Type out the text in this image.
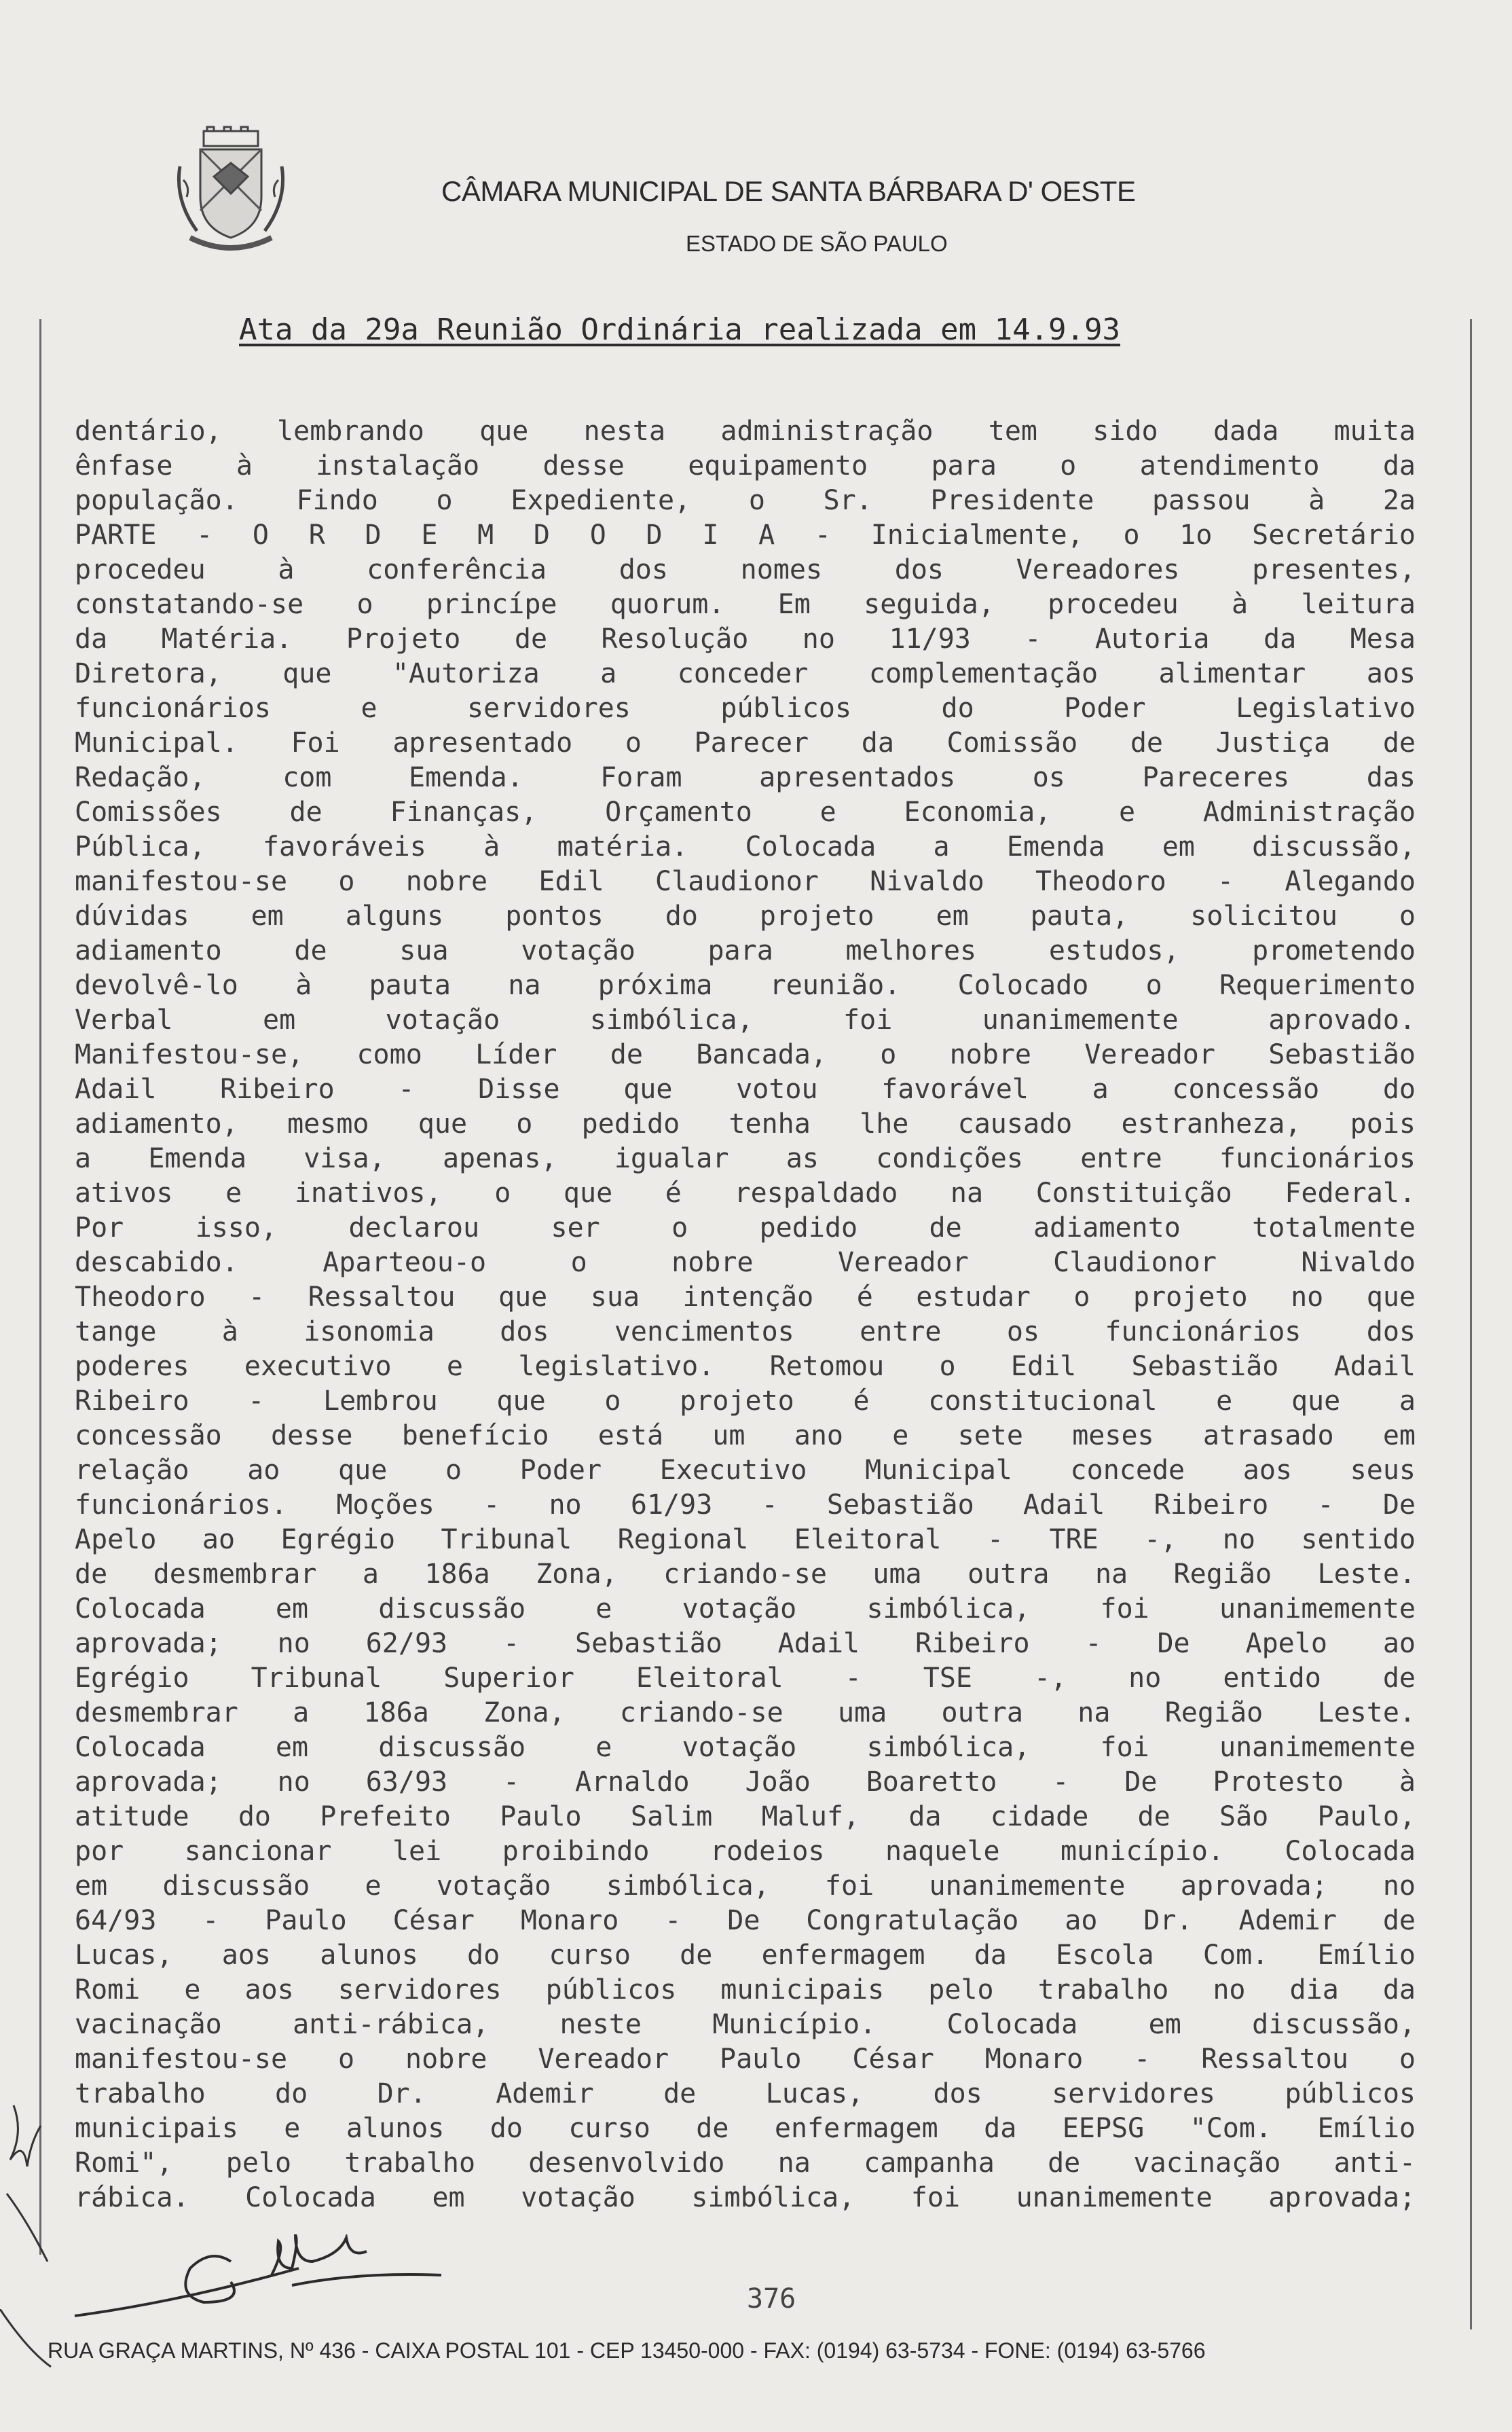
CÂMARA MUNICIPAL DE SANTA BÁRBARA D' OESTE
ESTADO DE SÃO PAULO
Ata da 29a Reunião Ordinária realizada em 14.9.93

dentário, lembrando que nesta administração tem sido dada muita

ênfase à instalação desse equipamento para o atendimento da

população. Findo o Expediente, o Sr. Presidente passou à 2a

PARTE - O R D E M D O D I A - Inicialmente, o 1o Secretário

procedeu à conferência dos nomes dos Vereadores presentes,

constatando-se o princípe quorum. Em seguida, procedeu à leitura

da Matéria. Projeto de Resolução no 11/93 - Autoria da Mesa

Diretora, que "Autoriza a conceder complementação alimentar aos

funcionários e servidores públicos do Poder Legislativo

Municipal. Foi apresentado o Parecer da Comissão de Justiça de

Redação, com Emenda. Foram apresentados os Pareceres das

Comissões de Finanças, Orçamento e Economia, e Administração

Pública, favoráveis à matéria. Colocada a Emenda em discussão,

manifestou-se o nobre Edil Claudionor Nivaldo Theodoro - Alegando

dúvidas em alguns pontos do projeto em pauta, solicitou o

adiamento de sua votação para melhores estudos, prometendo

devolvê-lo à pauta na próxima reunião. Colocado o Requerimento

Verbal em votação simbólica, foi unanimemente aprovado.

Manifestou-se, como Líder de Bancada, o nobre Vereador Sebastião

Adail Ribeiro - Disse que votou favorável a concessão do

adiamento, mesmo que o pedido tenha lhe causado estranheza, pois

a Emenda visa, apenas, igualar as condições entre funcionários

ativos e inativos, o que é respaldado na Constituição Federal.

Por isso, declarou ser o pedido de adiamento totalmente

descabido. Aparteou-o o nobre Vereador Claudionor Nivaldo

Theodoro - Ressaltou que sua intenção é estudar o projeto no que

tange à isonomia dos vencimentos entre os funcionários dos

poderes executivo e legislativo. Retomou o Edil Sebastião Adail

Ribeiro - Lembrou que o projeto é constitucional e que a

concessão desse benefício está um ano e sete meses atrasado em

relação ao que o Poder Executivo Municipal concede aos seus

funcionários. Moções - no 61/93 - Sebastião Adail Ribeiro - De

Apelo ao Egrégio Tribunal Regional Eleitoral - TRE -, no sentido

de desmembrar a 186a Zona, criando-se uma outra na Região Leste.

Colocada em discussão e votação simbólica, foi unanimemente

aprovada; no 62/93 - Sebastião Adail Ribeiro - De Apelo ao

Egrégio Tribunal Superior Eleitoral - TSE -, no entido de

desmembrar a 186a Zona, criando-se uma outra na Região Leste.

Colocada em discussão e votação simbólica, foi unanimemente

aprovada; no 63/93 - Arnaldo João Boaretto - De Protesto à

atitude do Prefeito Paulo Salim Maluf, da cidade de São Paulo,

por sancionar lei proibindo rodeios naquele município. Colocada

em discussão e votação simbólica, foi unanimemente aprovada; no

64/93 - Paulo César Monaro - De Congratulação ao Dr. Ademir de

Lucas, aos alunos do curso de enfermagem da Escola Com. Emílio

Romi e aos servidores públicos municipais pelo trabalho no dia da

vacinação anti-rábica, neste Município. Colocada em discussão,

manifestou-se o nobre Vereador Paulo César Monaro - Ressaltou o

trabalho do Dr. Ademir de Lucas, dos servidores públicos

municipais e alunos do curso de enfermagem da EEPSG "Com. Emílio

Romi", pelo trabalho desenvolvido na campanha de vacinação anti-

rábica. Colocada em votação simbólica, foi unanimemente aprovada;

376
RUA GRAÇA MARTINS, Nº 436 - CAIXA POSTAL 101 - CEP 13450-000 - FAX: (0194) 63-5734 - FONE: (0194) 63-5766
